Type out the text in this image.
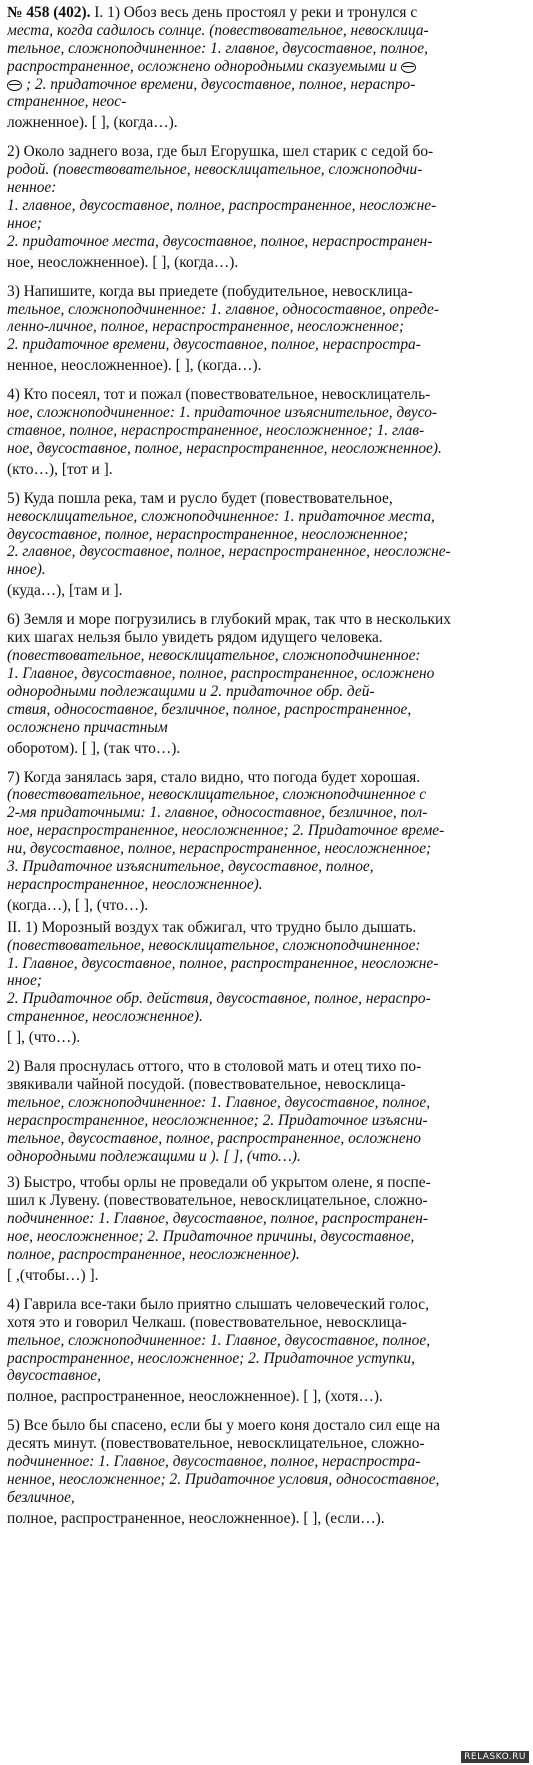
№ 458 (402). I. 1) Обоз весь день простоял у реки и тронулся с
места, когда садилось солнце. (повествовательное, невосклица-
тельное, сложноподчиненное: 1. главное, двусоставное, полное,
распространенное, осложнено однородными сказуемыми и
; 2. придаточное времени, двусоставное, полное, нераспро-
страненное, неос-
ложненное). [ ], (когда…).
2) Около заднего воза, где был Егорушка, шел старик с седой бо-
родой. (повествовательное, невосклицательное, сложноподчи-
ненное:
1. главное, двусоставное, полное, распространенное, неосложне-
нное;
2. придаточное места, двусоставное, полное, нераспространен-
ное, неосложненное). [ ], (когда…).
3) Напишите, когда вы приедете (побудительное, невосклица-
тельное, сложноподчиненное: 1. главное, односоставное, опреде-
ленно-личное, полное, нераспространенное, неосложненное;
2. придаточное времени, двусоставное, полное, нераспростра-
ненное, неосложненное). [ ], (когда…).
4) Кто посеял, тот и пожал (повествовательное, невосклицатель-
ное, сложноподчиненное: 1. придаточное изъяснительное, двусо-
ставное, полное, нераспространенное, неосложненное; 1. глав-
ное, двусоставное, полное, нераспространенное, неосложненное).
(кто…), [тот и ].
5) Куда пошла река, там и русло будет (повествовательное,
невосклицательное, сложноподчиненное: 1. придаточное места,
двусоставное, полное, нераспространенное, неосложненное;
2. главное, двусоставное, полное, нераспространенное, неосложне-
нное).
(куда…), [там и ].
6) Земля и море погрузились в глубокий мрак, так что в нескольких
ких шагах нельзя было увидеть рядом идущего человека.
(повествовательное, невосклицательное, сложноподчиненное:
1. Главное, двусоставное, полное, распространенное, осложнено
однородными подлежащими и 2. придаточное обр. дей-
ствия, односоставное, безличное, полное, распространенное,
осложнено причастным
оборотом). [ ], (так что…).
7) Когда занялась заря, стало видно, что погода будет хорошая.
(повествовательное, невосклицательное, сложноподчиненное с
2-мя придаточными: 1. главное, односоставное, безличное, пол-
ное, нераспространенное, неосложненное; 2. Придаточное време-
ни, двусоставное, полное, нераспространенное, неосложненное;
3. Придаточное изъяснительное, двусоставное, полное,
нераспространенное, неосложненное).
(когда…), [ ], (что…).
II. 1) Морозный воздух так обжигал, что трудно было дышать.
(повествовательное, невосклицательное, сложноподчиненное:
1. Главное, двусоставное, полное, распространенное, неосложне-
нное;
2. Придаточное обр. действия, двусоставное, полное, нераспро-
страненное, неосложненное).
[ ], (что…).
2) Валя проснулась оттого, что в столовой мать и отец тихо по-
звякивали чайной посудой. (повествовательное, невосклица-
тельное, сложноподчиненное: 1. Главное, двусоставное, полное,
нераспространенное, неосложненное; 2. Придаточное изъясни-
тельное, двусоставное, полное, распространенное, осложнено
однородными подлежащими и ). [ ], (что…).
3) Быстро, чтобы орлы не проведали об укрытом олене, я поспе-
шил к Лувену. (повествовательное, невосклицательное, сложно-
подчиненное: 1. Главное, двусоставное, полное, распространен-
ное, неосложненное; 2. Придаточное причины, двусоставное,
полное, распространенное, неосложненное).
[ ,(чтобы…) ].
4) Гаврила все-таки было приятно слышать человеческий голос,
хотя это и говорил Челкаш. (повествовательное, невосклица-
тельное, сложноподчиненное: 1. Главное, двусоставное, полное,
распространенное, неосложненное; 2. Придаточное уступки,
двусоставное,
полное, распространенное, неосложненное). [ ], (хотя…).
5) Все было бы спасено, если бы у моего коня достало сил еще на
десять минут. (повествовательное, невосклицательное, сложно-
подчиненное: 1. Главное, двусоставное, полное, нераспростра-
ненное, неосложненное; 2. Придаточное условия, односоставное,
безличное,
полное, распространенное, неосложненное). [ ], (если…).
RELASKO.RU
